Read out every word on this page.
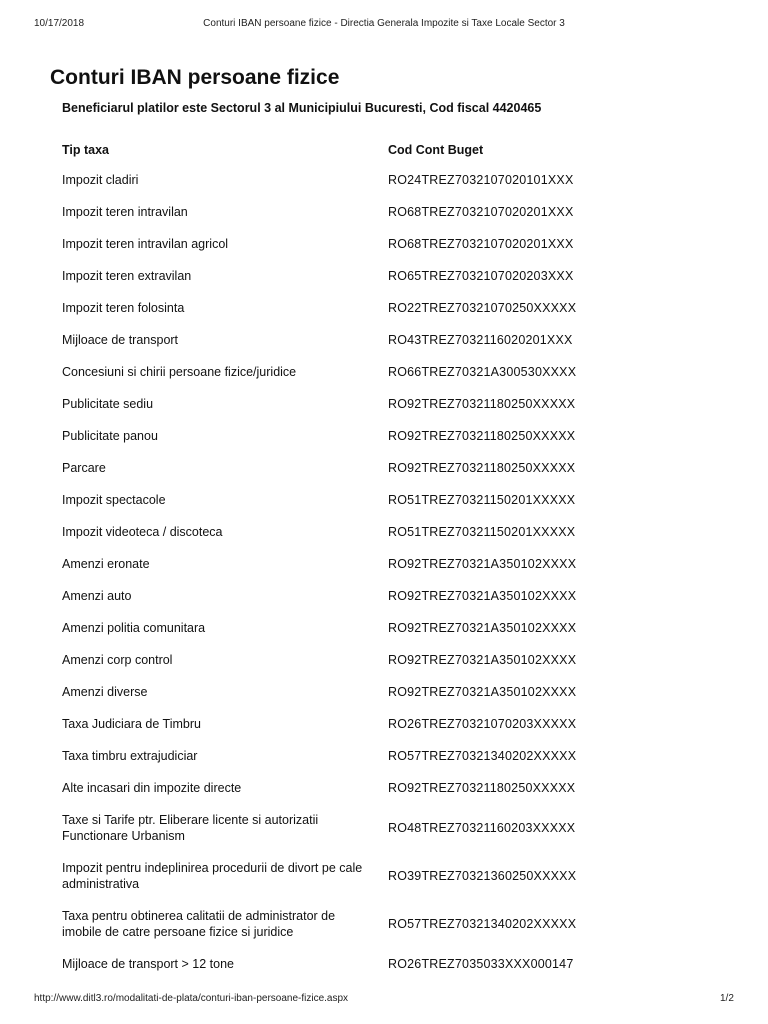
10/17/2018	Conturi IBAN persoane fizice - Directia Generala Impozite si Taxe Locale Sector 3
Conturi IBAN persoane fizice
Beneficiarul platilor este Sectorul 3 al Municipiului Bucuresti, Cod fiscal 4420465
Tip taxa	Cod Cont Buget
Impozit cladiri	RO24TREZ7032107020101XXX
Impozit teren intravilan	RO68TREZ7032107020201XXX
Impozit teren intravilan agricol	RO68TREZ7032107020201XXX
Impozit teren extravilan	RO65TREZ7032107020203XXX
Impozit teren folosinta	RO22TREZ70321070250XXXXX
Mijloace de transport	RO43TREZ7032116020201XXX
Concesiuni si chirii persoane fizice/juridice	RO66TREZ70321A300530XXXX
Publicitate sediu	RO92TREZ70321180250XXXXX
Publicitate panou	RO92TREZ70321180250XXXXX
Parcare	RO92TREZ70321180250XXXXX
Impozit spectacole	RO51TREZ70321150201XXXXX
Impozit videoteca / discoteca	RO51TREZ70321150201XXXXX
Amenzi eronate	RO92TREZ70321A350102XXXX
Amenzi auto	RO92TREZ70321A350102XXXX
Amenzi politia comunitara	RO92TREZ70321A350102XXXX
Amenzi corp control	RO92TREZ70321A350102XXXX
Amenzi diverse	RO92TREZ70321A350102XXXX
Taxa Judiciara de Timbru	RO26TREZ70321070203XXXXX
Taxa timbru extrajudiciar	RO57TREZ70321340202XXXXX
Alte incasari din impozite directe	RO92TREZ70321180250XXXXX
Taxe si Tarife ptr. Eliberare licente si autorizatii Functionare Urbanism	RO48TREZ70321160203XXXXX
Impozit pentru indeplinirea procedurii de divort pe cale administrativa	RO39TREZ70321360250XXXXX
Taxa pentru obtinerea calitatii de administrator de imobile de catre persoane fizice si juridice	RO57TREZ70321340202XXXXX
Mijloace de transport > 12 tone	RO26TREZ7035033XXX000147
http://www.ditl3.ro/modalitati-de-plata/conturi-iban-persoane-fizice.aspx	1/2
